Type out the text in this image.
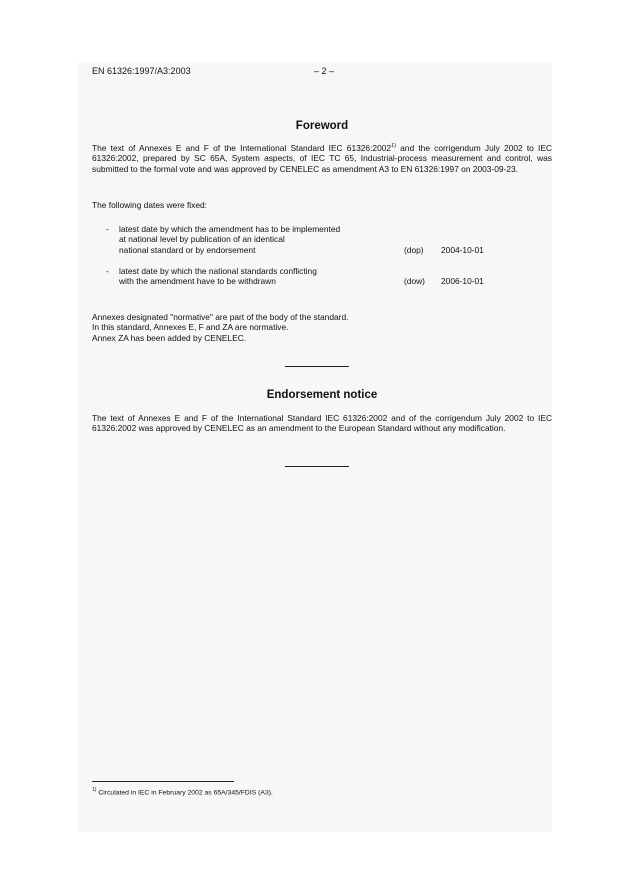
EN 61326:1997/A3:2003	– 2 –
Foreword
The text of Annexes E and F of the International Standard IEC 61326:2002$^{1)}$ and the corrigendum July 2002 to IEC 61326:2002, prepared by SC 65A, System aspects, of IEC TC 65, Industrial-process measurement and control, was submitted to the formal vote and was approved by CENELEC as amendment A3 to EN 61326:1997 on 2003-09-23.
The following dates were fixed:
- latest date by which the amendment has to be implemented
at national level by publication of an identical
national standard or by endorsement	(dop) 2004-10-01
- latest date by which the national standards conflicting
with the amendment have to be withdrawn	(dow) 2006-10-01
Annexes designated "normative" are part of the body of the standard.
In this standard, Annexes E, F and ZA are normative.
Annex ZA has been added by CENELEC.
Endorsement notice
The text of Annexes E and F of the International Standard IEC 61326:2002 and of the corrigendum July 2002 to IEC 61326:2002 was approved by CENELEC as an amendment to the European Standard without any modification.
$^{1)}$ Circulated in IEC in February 2002 as 65A/345/FDIS (A3).
